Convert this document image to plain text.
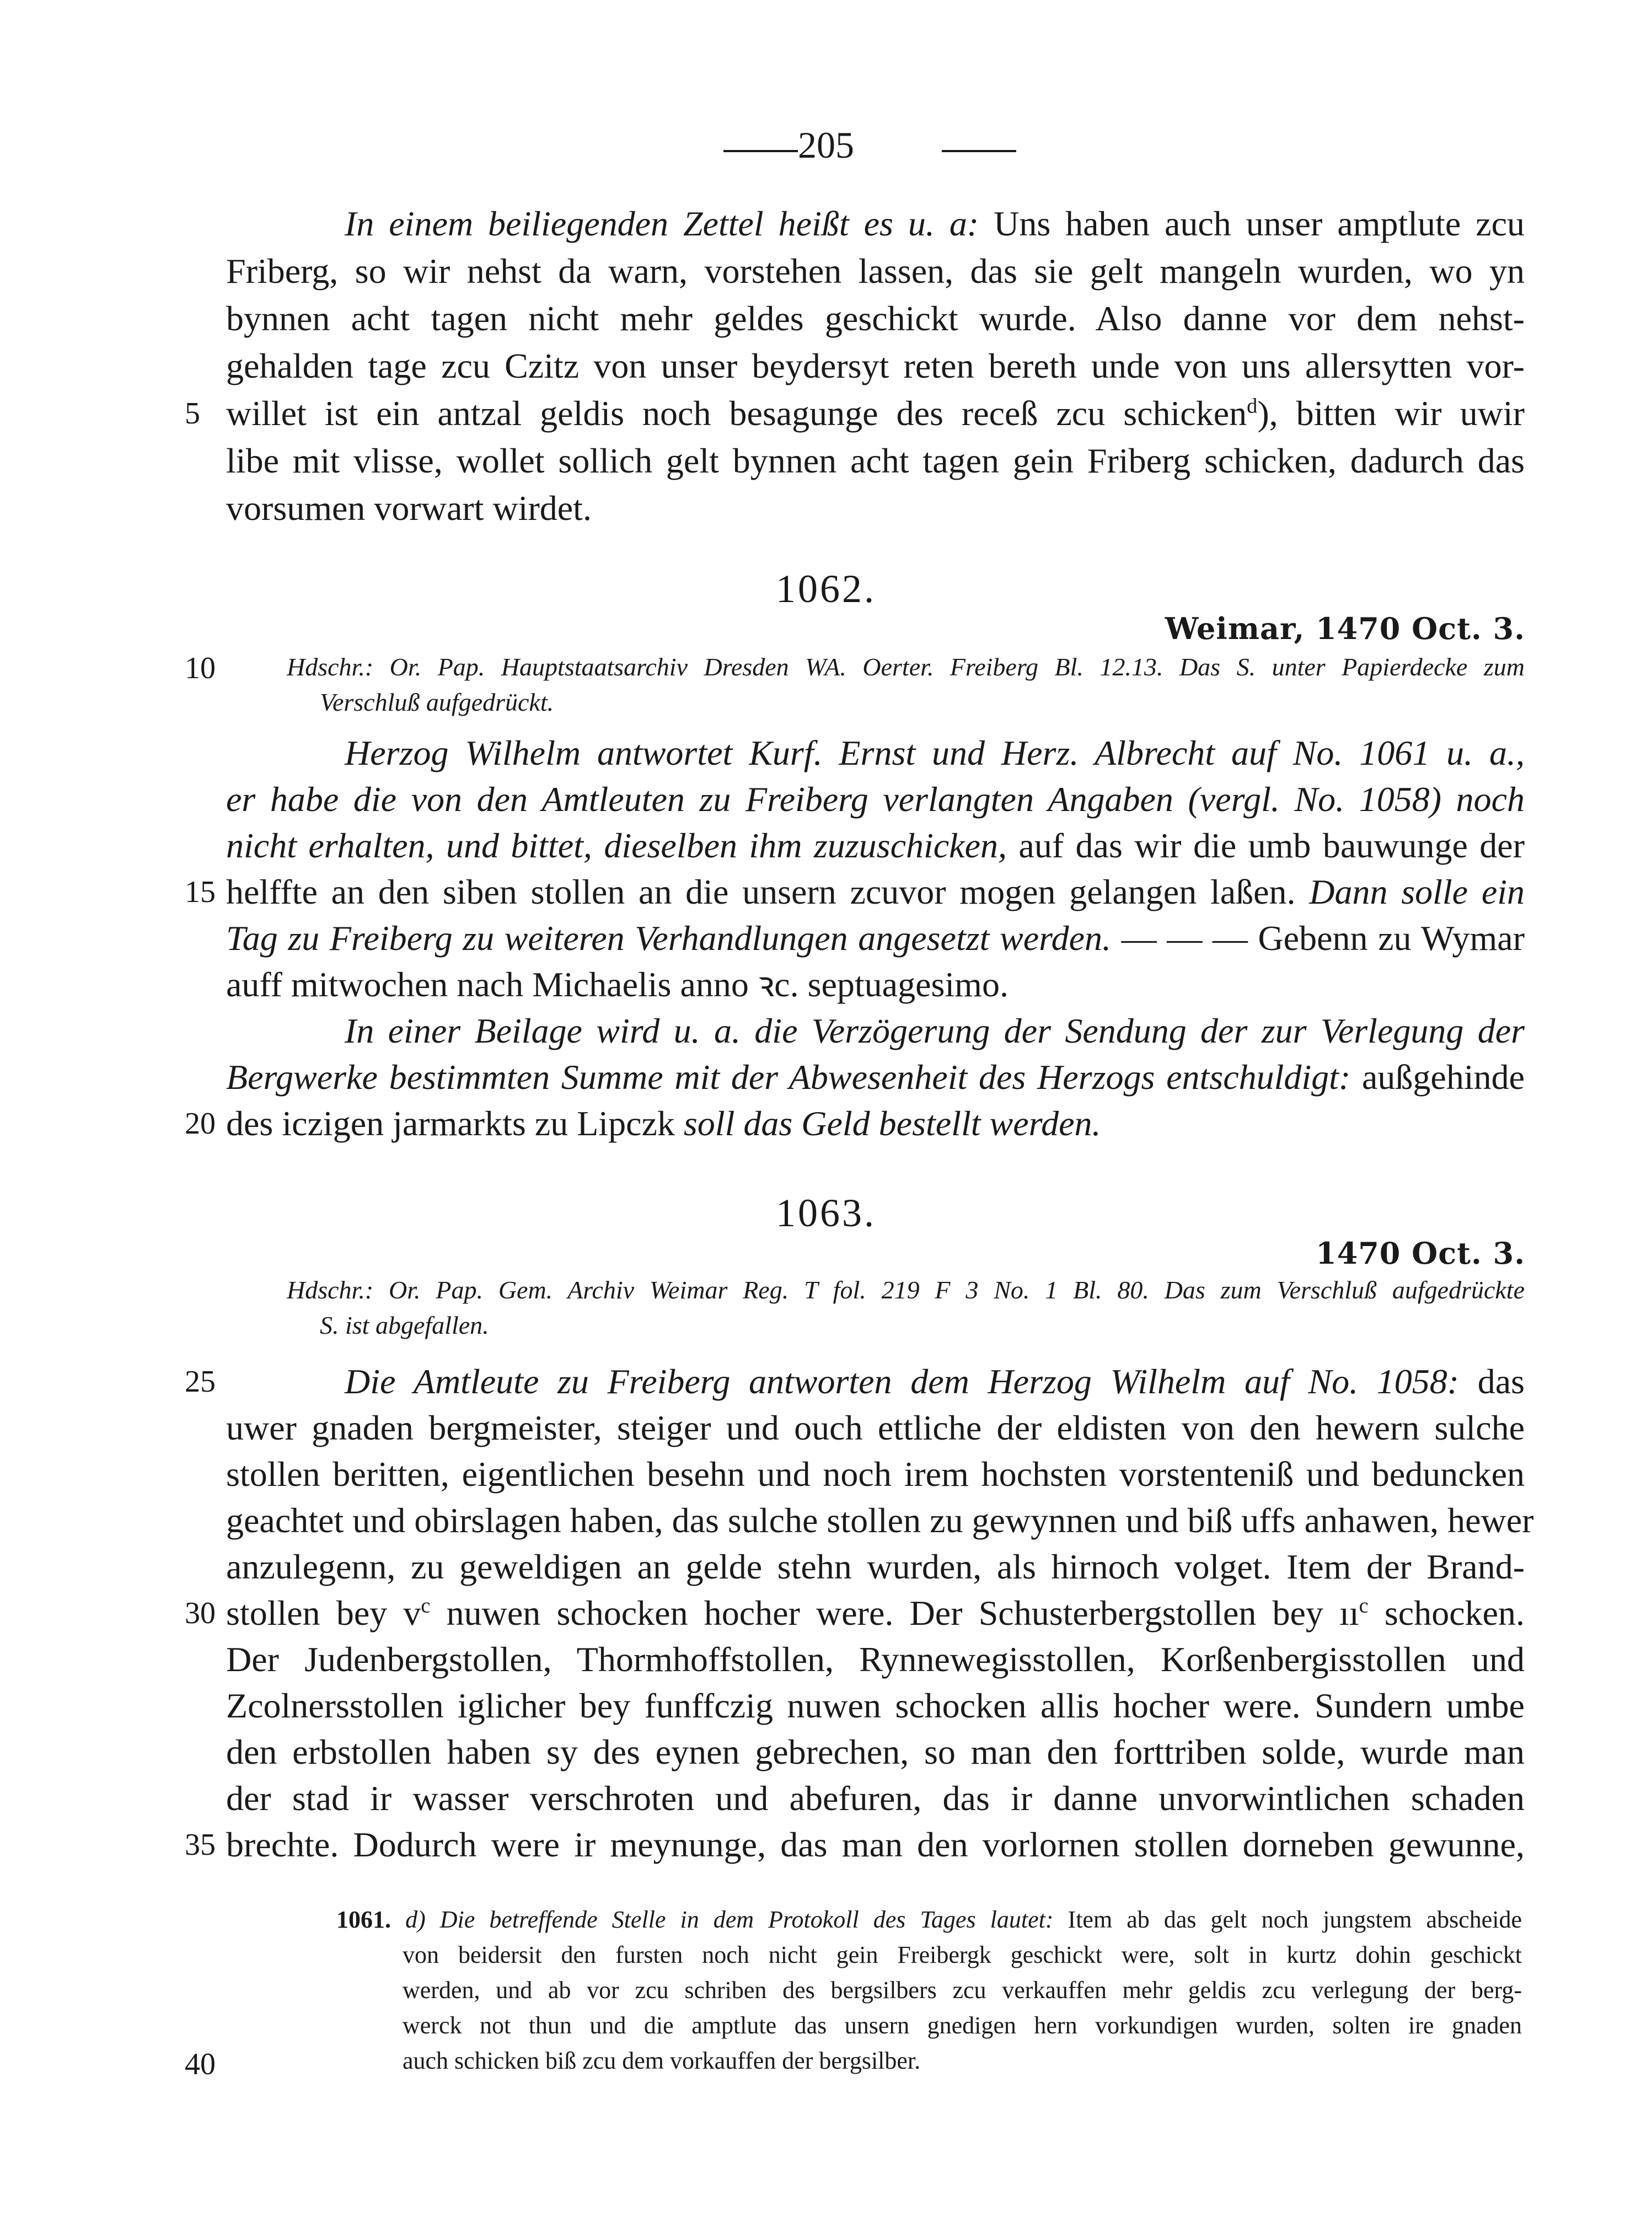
205
In einem beiliegenden Zettel heißt es u. a: Uns haben auch unser amptlute zcu
Friberg, so wir nehst da warn, vorstehen lassen, das sie gelt mangeln wurden, wo yn
bynnen acht tagen nicht mehr geldes geschickt wurde. Also danne vor dem nehst-
gehalden tage zcu Czitz von unser beydersyt reten bereth unde von uns allersytten vor-
5 willet ist ein antzal geldis noch besagunge des receß zcu schicken$^d$), bitten wir uwir
libe mit vlisse, wollet sollich gelt bynnen acht tagen gein Friberg schicken, dadurch das
vorsumen vorwart wirdet.
1062.
Weimar, 1470 Oct. 3.
10	Hdschr.: Or. Pap. Hauptstaatsarchiv Dresden WA. Oerter. Freiberg Bl. 12.13. Das S. unter Papierdecke zum
Verschluß aufgedrückt.
Herzog Wilhelm antwortet Kurf. Ernst und Herz. Albrecht auf No. 1061 u. a.,
er habe die von den Amtleuten zu Freiberg verlangten Angaben (vergl. No. 1058) noch
nicht erhalten, und bittet, dieselben ihm zuzuschicken, auf das wir die umb bauwunge der
15 helffte an den siben stollen an die unsern zcuvor mogen gelangen laßen. Dann solle ein
Tag zu Freiberg zu weiteren Verhandlungen angesetzt werden. — — — Gebenn zu Wymar
auff mitwochen nach Michaelis anno ꝛc. septuagesimo.
In einer Beilage wird u. a. die Verzögerung der Sendung der zur Verlegung der
Bergwerke bestimmten Summe mit der Abwesenheit des Herzogs entschuldigt: außgehinde
20 des iczigen jarmarkts zu Lipczk soll das Geld bestellt werden.
1063.
1470 Oct. 3.
Hdschr.: Or. Pap. Gem. Archiv Weimar Reg. T fol. 219 F 3 No. 1 Bl. 80. Das zum Verschluß aufgedrückte
S. ist abgefallen.
25	Die Amtleute zu Freiberg antworten dem Herzog Wilhelm auf No. 1058: das
uwer gnaden bergmeister, steiger und ouch ettliche der eldisten von den hewern sulche
stollen beritten, eigentlichen besehn und noch irem hochsten vorstenteniß und beduncken
geachtet und obirslagen haben, das sulche stollen zu gewynnen und biß uffs anhawen, hewer
anzulegenn, zu geweldigen an gelde stehn wurden, als hirnoch volget. Item der Brand-
30 stollen bey $v^c$ nuwen schocken hocher were. Der Schusterbergstollen bey $ıı^c$ schocken.
Der Judenbergstollen, Thormhoffstollen, Rynnewegisstollen, Korßenbergisstollen und
Zcolnersstollen iglicher bey funffczig nuwen schocken allis hocher were. Sundern umbe
den erbstollen haben sy des eynen gebrechen, so man den forttriben solde, wurde man
der stad ir wasser verschroten und abefuren, das ir danne unvorwintlichen schaden
35 brechte. Dodurch were ir meynunge, das man den vorlornen stollen dorneben gewunne,
1061. d) Die betreffende Stelle in dem Protokoll des Tages lautet: Item ab das gelt noch jungstem abscheide
von beidersit den fursten noch nicht gein Freibergk geschickt were, solt in kurtz dohin geschickt
werden, und ab vor zcu schriben des bergsilbers zcu verkauffen mehr geldis zcu verlegung der berg-
werck not thun und die amptlute das unsern gnedigen hern vorkundigen wurden, solten ire gnaden
40	auch schicken biß zcu dem vorkauffen der bergsilber.
